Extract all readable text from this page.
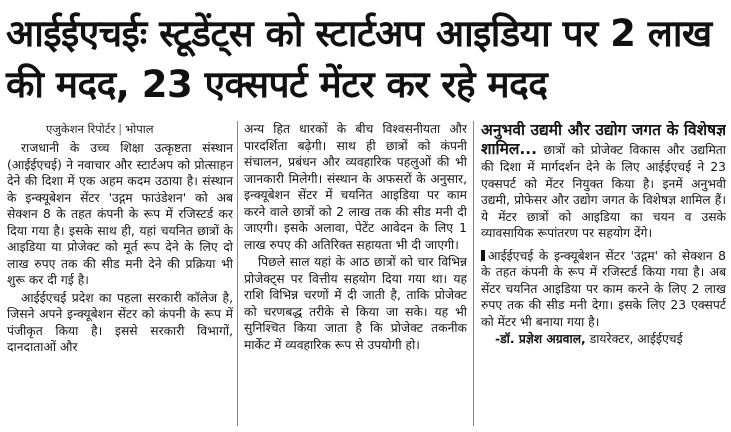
आईईएचईः स्टूडेंट्स को स्टार्टअप आइडिया पर 2 लाख की मदद, 23 एक्सपर्ट मेंटर कर रहे मदद
एजुकेशन रिपोर्टर | भोपाल

राजधानी के उच्च शिक्षा उत्कृष्टता संस्थान (आईईएचई) ने नवाचार और स्टार्टअप को प्रोत्साहन देने की दिशा में एक अहम कदम उठाया है। संस्थान के इन्क्यूबेशन सेंटर 'उद्गम फाउंडेशन' को अब सेक्शन 8 के तहत कंपनी के रूप में रजिस्टर्ड कर दिया गया है। इसके साथ ही, यहां चयनित छात्रों के आइडिया या प्रोजेक्ट को मूर्त रूप देने के लिए दो लाख रुपए तक की सीड मनी देने की प्रक्रिया भी शुरू कर दी गई है।

आईईएचई प्रदेश का पहला सरकारी कॉलेज है, जिसने अपने इन्क्यूबेशन सेंटर को कंपनी के रूप में पंजीकृत किया है। इससे सरकारी विभागों, दानदाताओं और

अन्य हित धारकों के बीच विश्वसनीयता और पारदर्शिता बढ़ेगी। साथ ही छात्रों को कंपनी संचालन, प्रबंधन और व्यवहारिक पहलुओं की भी जानकारी मिलेगी। संस्थान के अफसरों के अनुसार, इन्क्यूबेशन सेंटर में चयनित आइडिया पर काम करने वाले छात्रों को 2 लाख तक की सीड मनी दी जाएगी। इसके अलावा, पेटेंट आवेदन के लिए 1 लाख रुपए की अतिरिक्त सहायता भी दी जाएगी।

पिछले साल यहां के आठ छात्रों को चार विभिन्न प्रोजेक्ट्स पर वित्तीय सहयोग दिया गया था। यह राशि विभिन्न चरणों में दी जाती है, ताकि प्रोजेक्ट को चरणबद्ध तरीके से किया जा सके। यह भी सुनिश्चित किया जाता है कि प्रोजेक्ट तकनीक मार्केट में व्यवहारिक रूप से उपयोगी हो।

अनुभवी उद्यमी और उद्योग जगत के विशेषज्ञ शामिल... छात्रों को प्रोजेक्ट विकास और उद्यमिता की दिशा में मार्गदर्शन देने के लिए आईईएचई ने 23 एक्सपर्ट को मेंटर नियुक्त किया है। इनमें अनुभवी उद्यमी, प्रोफेसर और उद्योग जगत के विशेषज्ञ शामिल हैं। ये मेंटर छात्रों को आइडिया का चयन व उसके व्यावसायिक रूपांतरण पर सहयोग देंगे।

आईईएचई के इन्क्यूबेशन सेंटर 'उद्गम' को सेक्शन 8 के तहत कंपनी के रूप में रजिस्टर्ड किया गया है। अब सेंटर चयनित आइडिया पर काम करने के लिए 2 लाख रुपए तक की सीड मनी देगा। इसके लिए 23 एक्सपर्ट को मेंटर भी बनाया गया है।

-डॉ. प्रज्ञेश अग्रवाल, डायरेक्टर, आईईएचई
